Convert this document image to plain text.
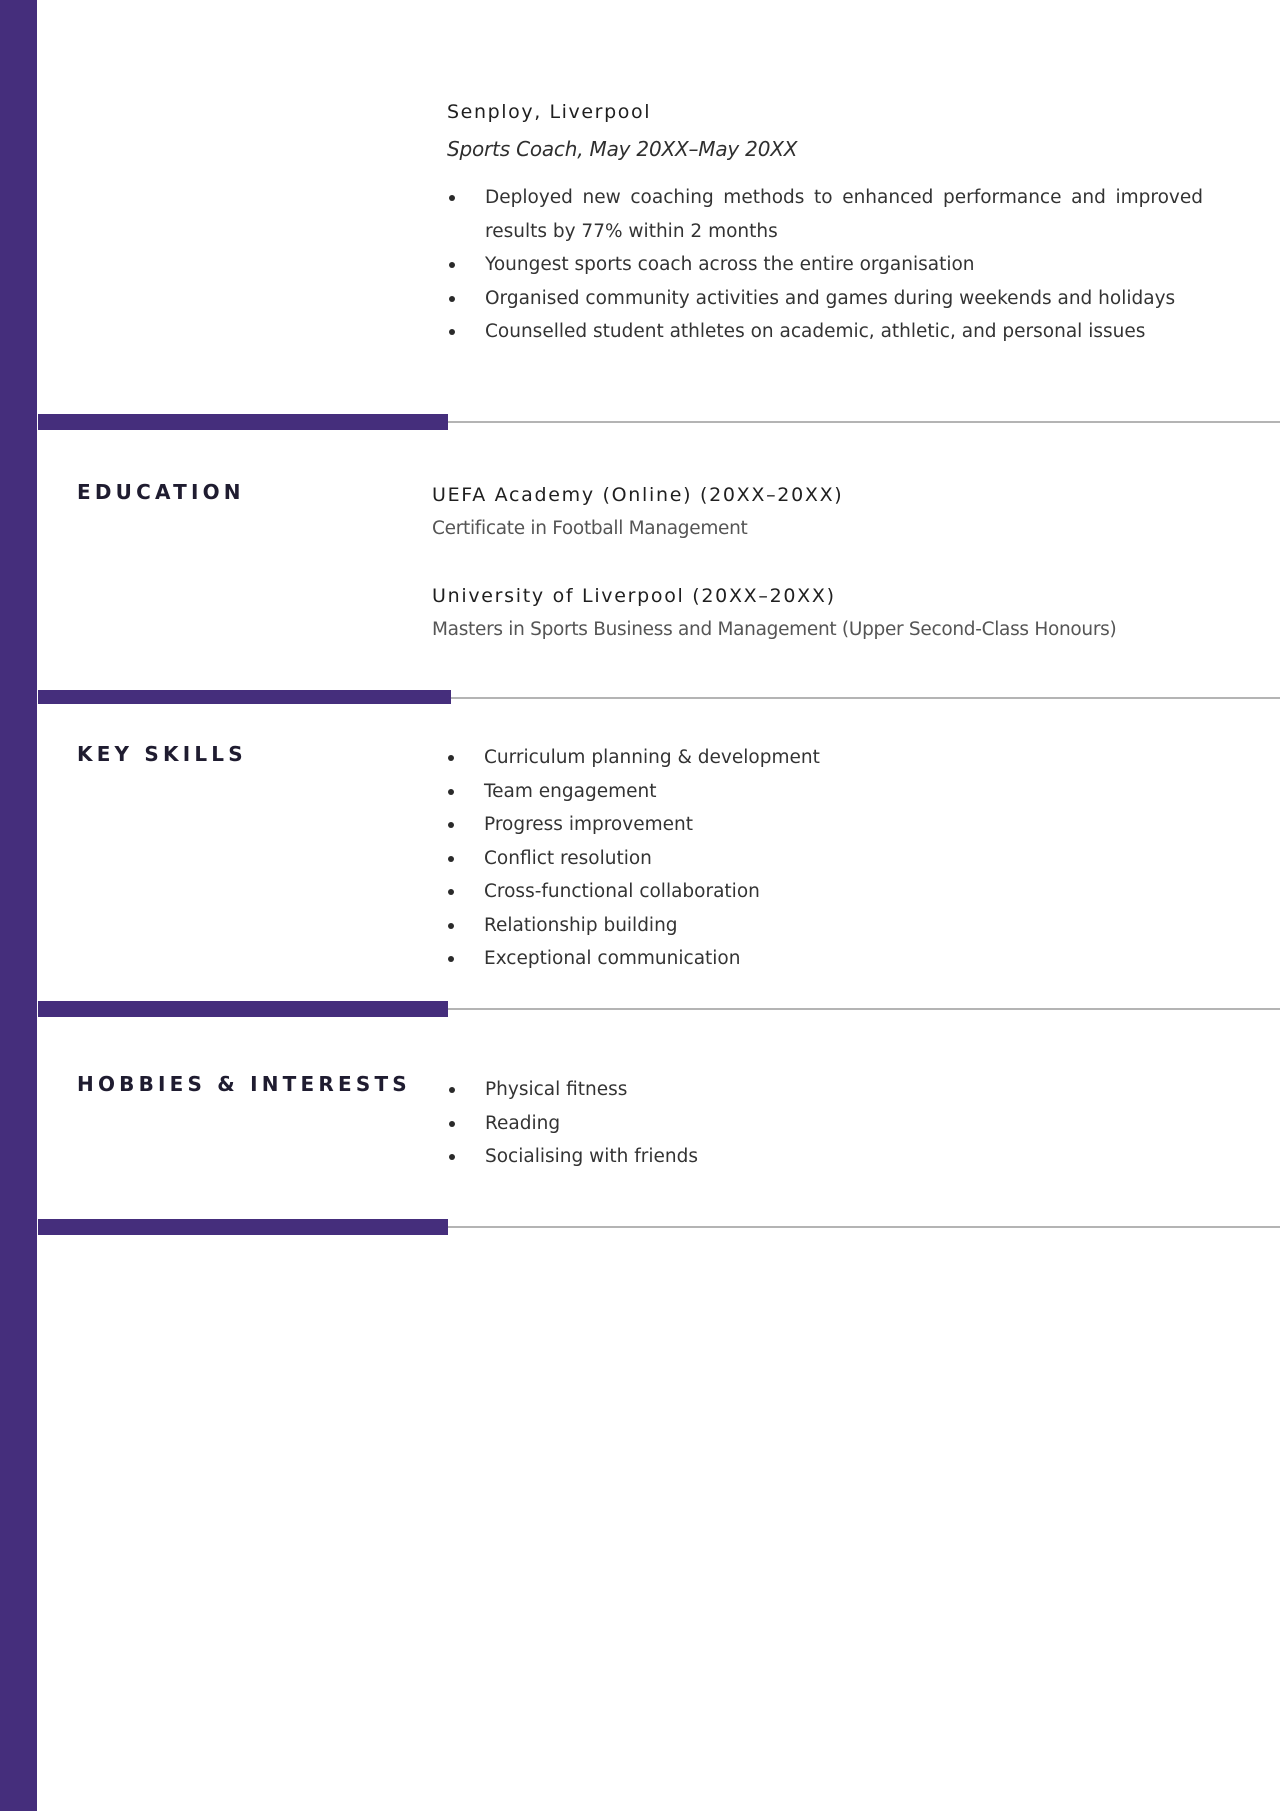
Senploy, Liverpool
Sports Coach, May 20XX–May 20XX
Deployed new coaching methods to enhanced performance and improved results by 77% within 2 months
Youngest sports coach across the entire organisation
Organised community activities and games during weekends and holidays
Counselled student athletes on academic, athletic, and personal issues
EDUCATION	UEFA Academy (Online) (20XX–20XX)
Certificate in Football Management
University of Liverpool (20XX–20XX)
Masters in Sports Business and Management (Upper Second-Class Honours)
KEY SKILLS	Curriculum planning & development
Team engagement
Progress improvement
Conflict resolution
Cross-functional collaboration
Relationship building
Exceptional communication
HOBBIES & INTERESTS	Physical fitness
Reading
Socialising with friends
